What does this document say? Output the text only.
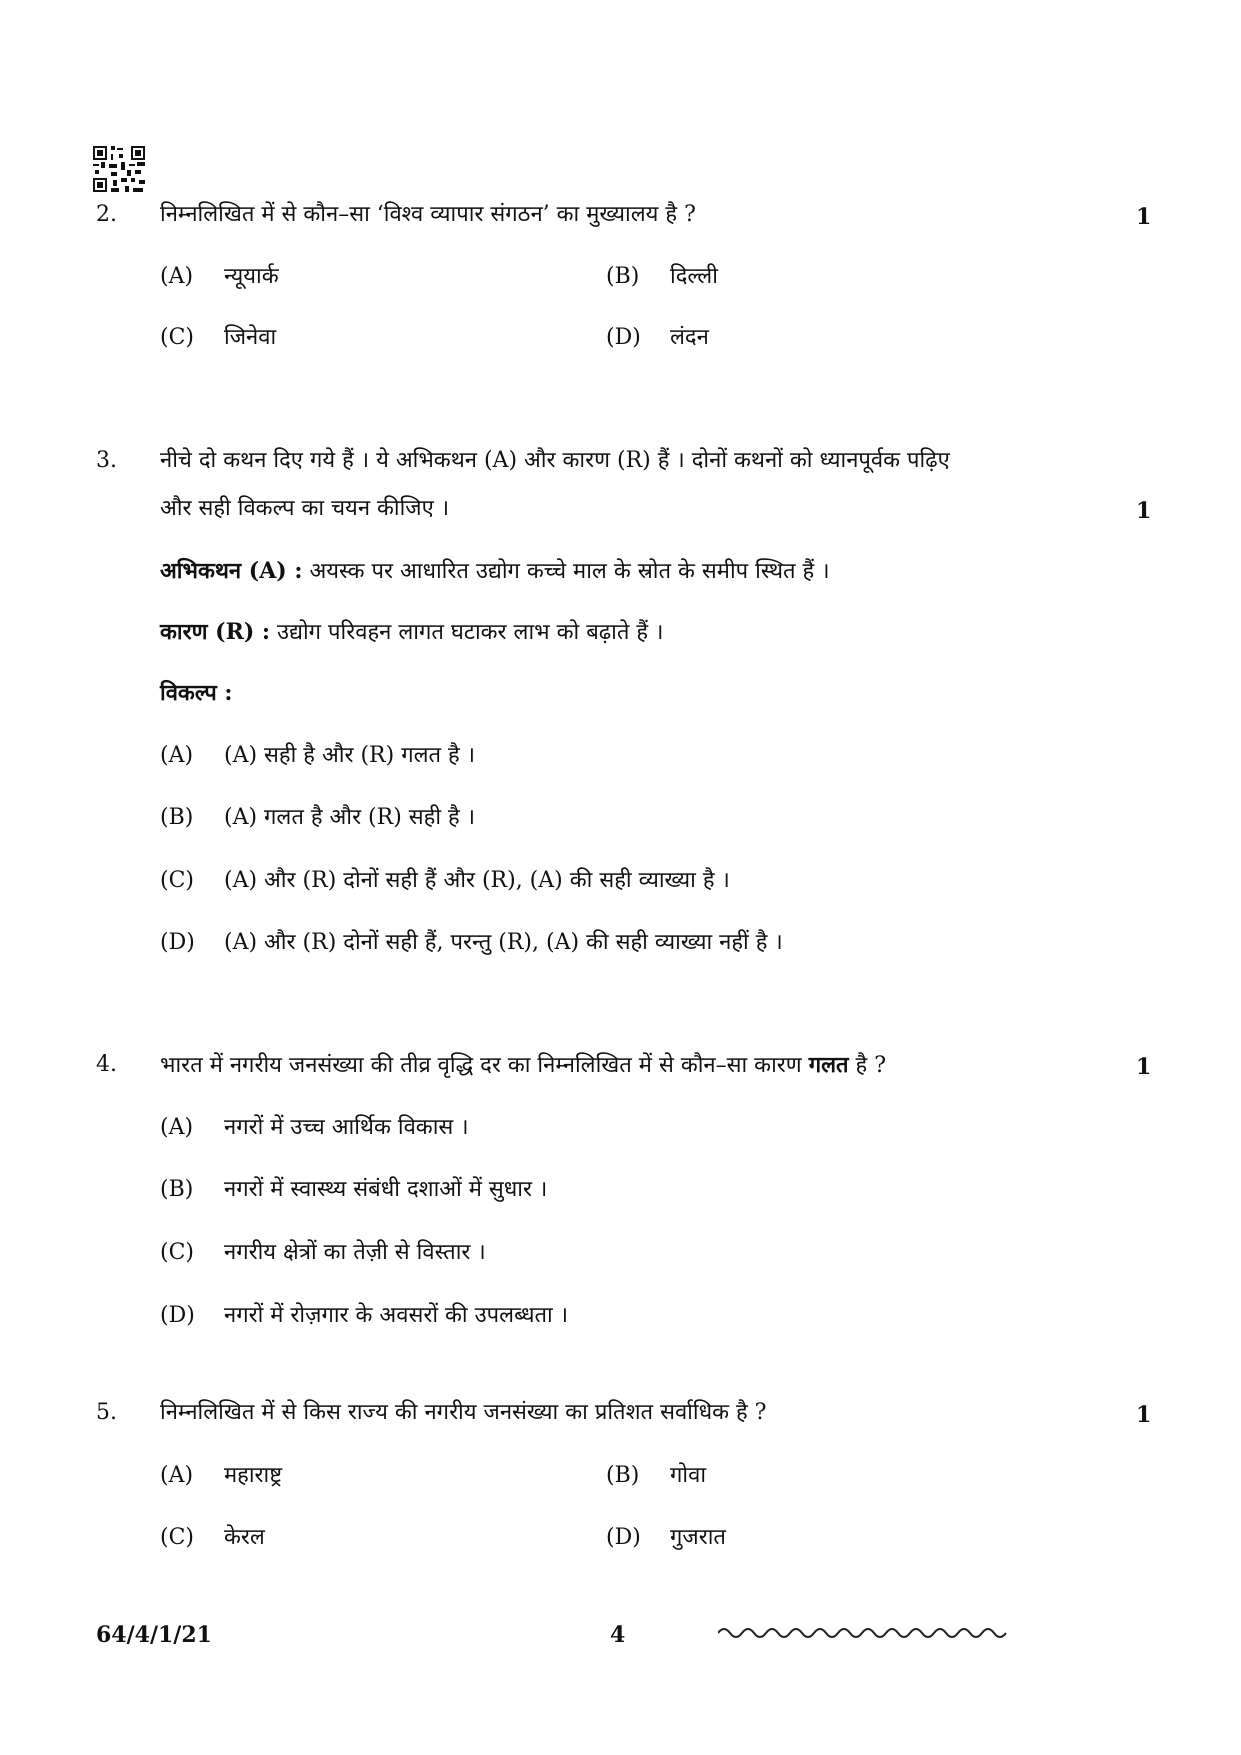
2. निम्नलिखित में से कौन–सा ‘विश्व व्यापार संगठन’ का मुख्यालय है ?	1
(A) न्यूयार्क	(B) दिल्ली
(C) जिनेवा	(D) लंदन
3. नीचे दो कथन दिए गये हैं । ये अभिकथन (A) और कारण (R) हैं । दोनों कथनों को ध्यानपूर्वक पढ़िए
और सही विकल्प का चयन कीजिए ।	1
अभिकथन (A) : अयस्क पर आधारित उद्योग कच्चे माल के स्रोत के समीप स्थित हैं ।
कारण (R) : उद्योग परिवहन लागत घटाकर लाभ को बढ़ाते हैं ।
विकल्प :
(A) (A) सही है और (R) गलत है ।
(B) (A) गलत है और (R) सही है ।
(C) (A) और (R) दोनों सही हैं और (R), (A) की सही व्याख्या है ।
(D) (A) और (R) दोनों सही हैं, परन्तु (R), (A) की सही व्याख्या नहीं है ।
4. भारत में नगरीय जनसंख्या की तीव्र वृद्धि दर का निम्नलिखित में से कौन–सा कारण गलत है ?	1
(A) नगरों में उच्च आर्थिक विकास ।
(B) नगरों में स्वास्थ्य संबंधी दशाओं में सुधार ।
(C) नगरीय क्षेत्रों का तेज़ी से विस्तार ।
(D) नगरों में रोज़गार के अवसरों की उपलब्धता ।
5. निम्नलिखित में से किस राज्य की नगरीय जनसंख्या का प्रतिशत सर्वाधिक है ?	1
(A) महाराष्ट्र	(B) गोवा
(C) केरल	(D) गुजरात
64/4/1/21	4
